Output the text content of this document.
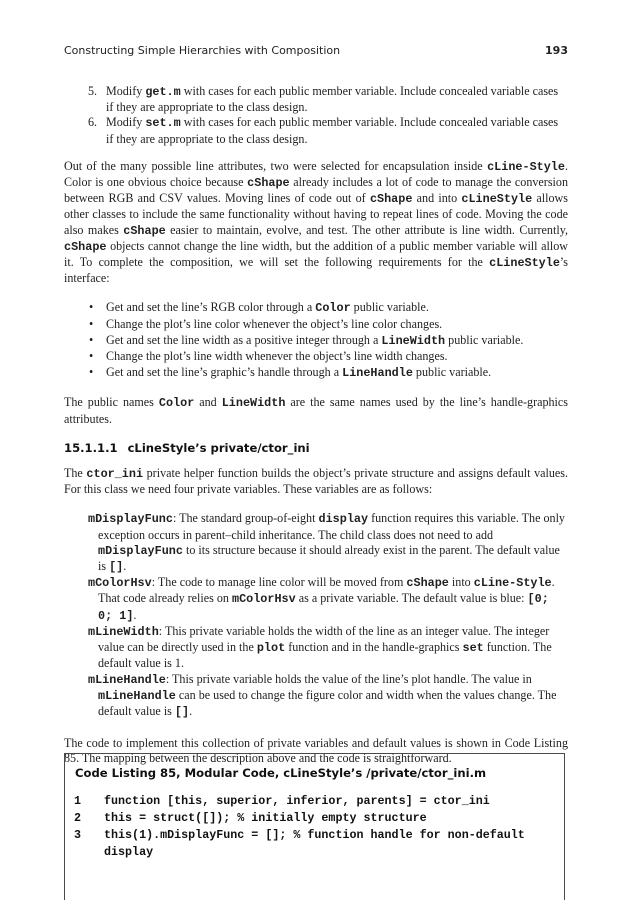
Constructing Simple Hierarchies with Composition	193
5. Modify get.m with cases for each public member variable. Include concealed variable cases if they are appropriate to the class design.
6. Modify set.m with cases for each public member variable. Include concealed variable cases if they are appropriate to the class design.

Out of the many possible line attributes, two were selected for encapsulation inside cLine-Style. Color is one obvious choice because cShape already includes a lot of code to manage the conversion between RGB and CSV values. Moving lines of code out of cShape and into cLineStyle allows other classes to include the same functionality without having to repeat lines of code. Moving the code also makes cShape easier to maintain, evolve, and test. The other attribute is line width. Currently, cShape objects cannot change the line width, but the addition of a public member variable will allow it. To complete the composition, we will set the following requirements for the cLineStyle’s interface:

• Get and set the line’s RGB color through a Color public variable.
• Change the plot’s line color whenever the object’s line color changes.
• Get and set the line width as a positive integer through a LineWidth public variable.
• Change the plot’s line width whenever the object’s line width changes.
• Get and set the line’s graphic’s handle through a LineHandle public variable.

The public names Color and LineWidth are the same names used by the line’s handle-graphics attributes.

15.1.1.1 cLineStyle’s private/ctor_ini

The ctor_ini private helper function builds the object’s private structure and assigns default values. For this class we need four private variables. These variables are as follows:

mDisplayFunc: The standard group-of-eight display function requires this variable. The only exception occurs in parent–child inheritance. The child class does not need to add mDisplayFunc to its structure because it should already exist in the parent. The default value is [].

mColorHsv: The code to manage line color will be moved from cShape into cLine-Style. That code already relies on mColorHsv as a private variable. The default value is blue: [0; 0; 1].

mLineWidth: This private variable holds the width of the line as an integer value. The integer value can be directly used in the plot function and in the handle-graphics set function. The default value is 1.

mLineHandle: This private variable holds the value of the line’s plot handle. The value in mLineHandle can be used to change the figure color and width when the values change. The default value is [].

The code to implement this collection of private variables and default values is shown in Code Listing 85. The mapping between the description above and the code is straightforward.

Code Listing 85, Modular Code, cLineStyle’s /private/ctor_ini.m
1 function [this, superior, inferior, parents] = ctor_ini
2 this = struct([]); % initially empty structure
3 this(1).mDisplayFunc = []; % function handle for non-default
display
